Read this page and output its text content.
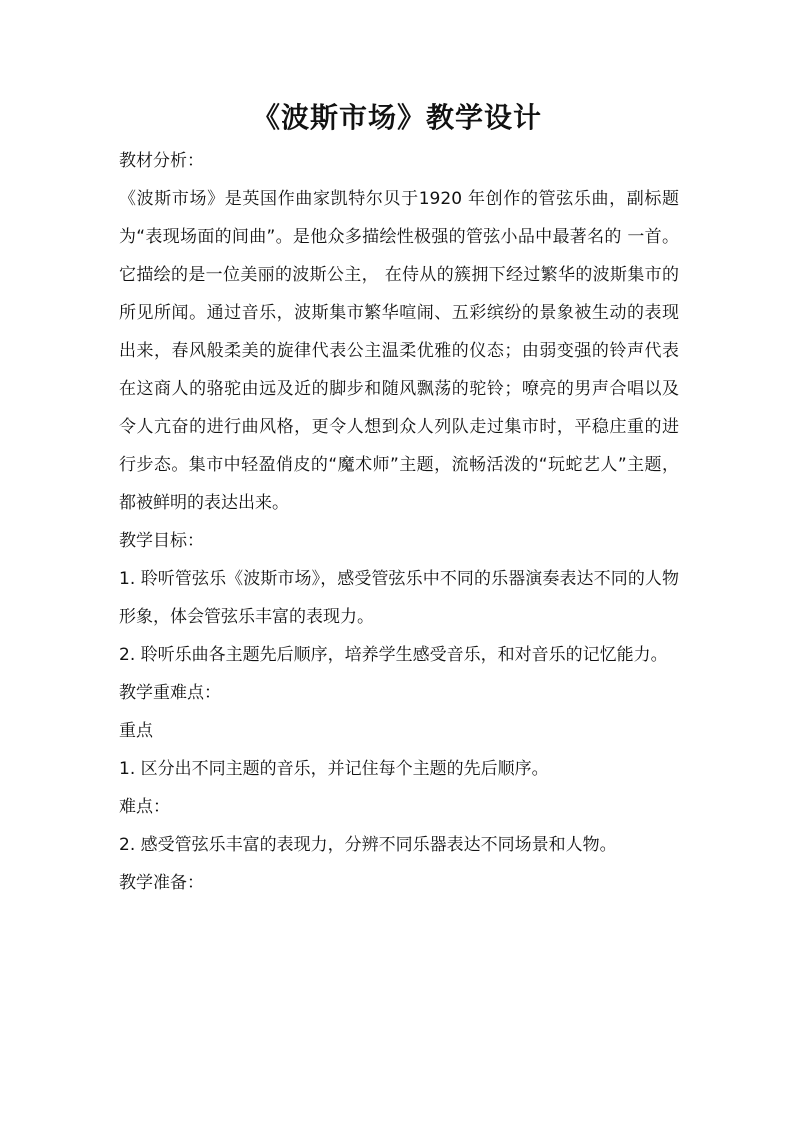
《波斯市场》教学设计

教材分析：

《波斯市场》是英国作曲家凯特尔贝于1920 年创作的管弦乐曲，副标题为“表现场面的间曲”。是他众多描绘性极强的管弦小品中最著名的 一首。它描绘的是一位美丽的波斯公主， 在侍从的簇拥下经过繁华的波斯集市的所见所闻。通过音乐，波斯集市繁华喧闹、五彩缤纷的景象被生动的表现出来，春风般柔美的旋律代表公主温柔优雅的仪态；由弱变强的铃声代表在这商人的骆驼由远及近的脚步和随风飘荡的驼铃；嘹亮的男声合唱以及令人亢奋的进行曲风格，更令人想到众人列队走过集市时，平稳庄重的进行步态。集市中轻盈俏皮的“魔术师”主题，流畅活泼的“玩蛇艺人”主题，都被鲜明的表达出来。

教学目标：

1. 聆听管弦乐《波斯市场》，感受管弦乐中不同的乐器演奏表达不同的人物形象，体会管弦乐丰富的表现力。

2. 聆听乐曲各主题先后顺序，培养学生感受音乐，和对音乐的记忆能力。

教学重难点：

重点

1. 区分出不同主题的音乐，并记住每个主题的先后顺序。

难点：

2. 感受管弦乐丰富的表现力，分辨不同乐器表达不同场景和人物。

教学准备：
